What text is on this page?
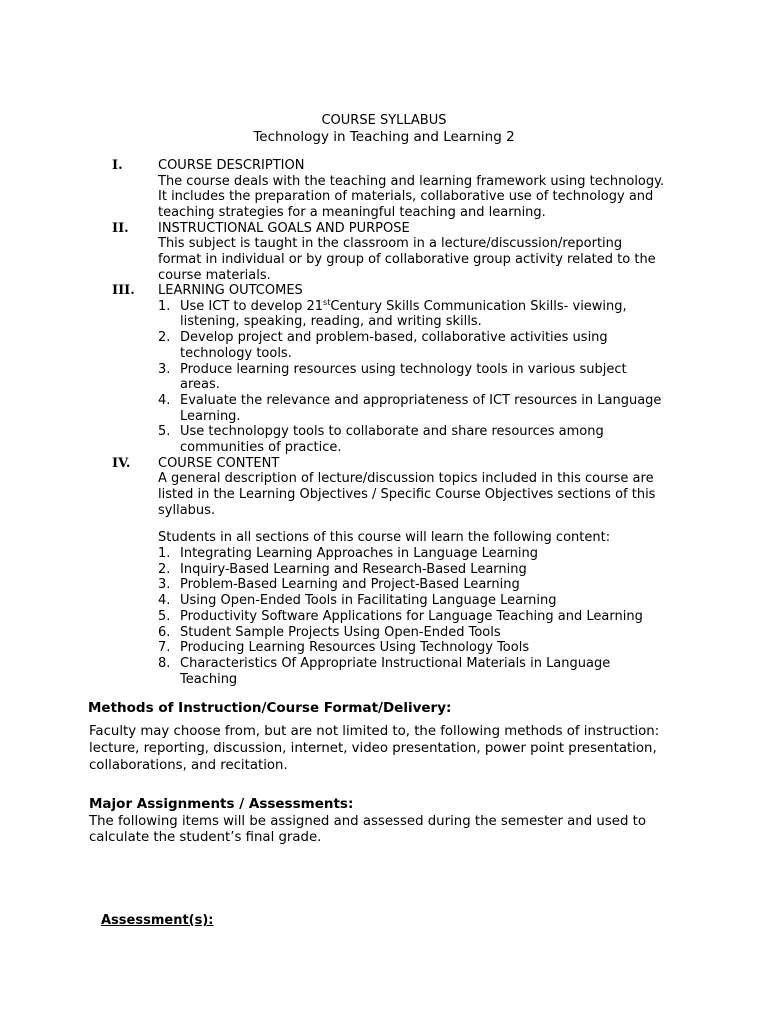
COURSE SYLLABUS
Technology in Teaching and Learning 2
I.	COURSE DESCRIPTION
The course deals with the teaching and learning framework using technology.
It includes the preparation of materials, collaborative use of technology and
teaching strategies for a meaningful teaching and learning.
II.	INSTRUCTIONAL GOALS AND PURPOSE
This subject is taught in the classroom in a lecture/discussion/reporting
format in individual or by group of collaborative group activity related to the
course materials.
III.	LEARNING OUTCOMES
1. Use ICT to develop 21stCentury Skills Communication Skills- viewing,
listening, speaking, reading, and writing skills.
2. Develop project and problem-based, collaborative activities using
technology tools.
3. Produce learning resources using technology tools in various subject
areas.
4. Evaluate the relevance and appropriateness of ICT resources in Language
Learning.
5. Use technolopgy tools to collaborate and share resources among
communities of practice.
IV.	COURSE CONTENT
A general description of lecture/discussion topics included in this course are
listed in the Learning Objectives / Specific Course Objectives sections of this
syllabus.
Students in all sections of this course will learn the following content:
1. Integrating Learning Approaches in Language Learning
2. Inquiry-Based Learning and Research-Based Learning
3. Problem-Based Learning and Project-Based Learning
4. Using Open-Ended Tools in Facilitating Language Learning
5. Productivity Software Applications for Language Teaching and Learning
6. Student Sample Projects Using Open-Ended Tools
7. Producing Learning Resources Using Technology Tools
8. Characteristics Of Appropriate Instructional Materials in Language
Teaching
Methods of Instruction/Course Format/Delivery:
Faculty may choose from, but are not limited to, the following methods of instruction:
lecture, reporting, discussion, internet, video presentation, power point presentation,
collaborations, and recitation.
Major Assignments / Assessments:
The following items will be assigned and assessed during the semester and used to
calculate the student’s final grade.
Assessment(s):
